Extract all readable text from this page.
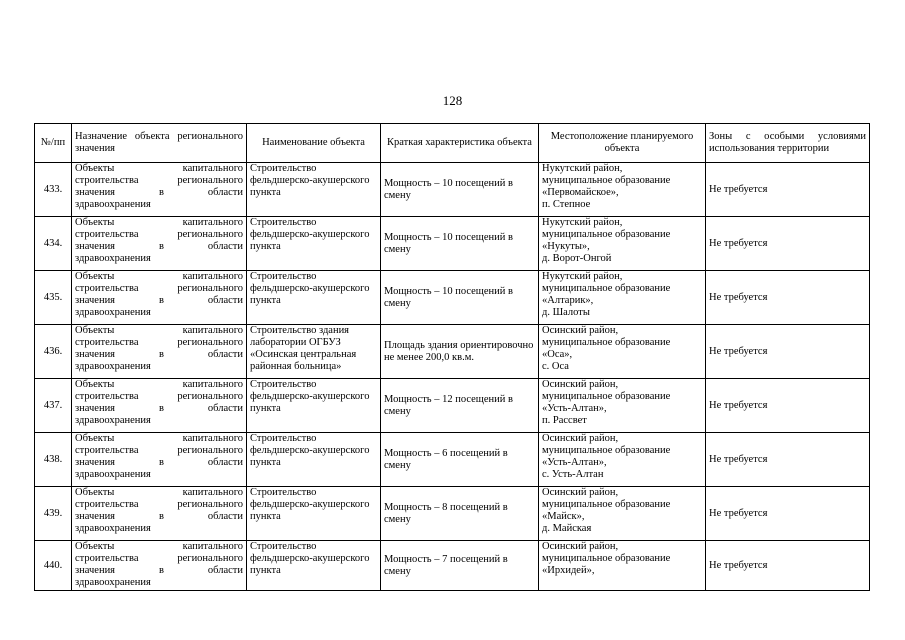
128
№/пп	Назначение объекта регионального значения	Наименование объекта	Краткая характеристика объекта	Местоположение планируемого объекта	Зоны с особыми условиями использования территории
433.	Объекты капитального
строительства регионального
значения в области
здравоохранения	Строительство фельдшерско-акушерского пункта	Мощность – 10 посещений в смену	Нукутский район,
муниципальное образование
«Первомайское»,
п. Степное	Не требуется
434.	Объекты капитального
строительства регионального
значения в области
здравоохранения	Строительство фельдшерско-акушерского пункта	Мощность – 10 посещений в смену	Нукутский район,
муниципальное образование
«Нукуты»,
д. Ворот-Онгой	Не требуется
435.	Объекты капитального
строительства регионального
значения в области
здравоохранения	Строительство фельдшерско-акушерского пункта	Мощность – 10 посещений в смену	Нукутский район,
муниципальное образование
«Алтарик»,
д. Шалоты	Не требуется
436.	Объекты капитального
строительства регионального
значения в области
здравоохранения	Строительство здания лаборатории ОГБУЗ «Осинская центральная районная больница»	Площадь здания ориентировочно не менее 200,0 кв.м.	Осинский район,
муниципальное образование
«Оса»,
с. Оса	Не требуется
437.	Объекты капитального
строительства регионального
значения в области
здравоохранения	Строительство фельдшерско-акушерского пункта	Мощность – 12 посещений в смену	Осинский район,
муниципальное образование
«Усть-Алтан»,
п. Рассвет	Не требуется
438.	Объекты капитального
строительства регионального
значения в области
здравоохранения	Строительство фельдшерско-акушерского пункта	Мощность – 6 посещений в смену	Осинский район,
муниципальное образование
«Усть-Алтан»,
с. Усть-Алтан	Не требуется
439.	Объекты капитального
строительства регионального
значения в области
здравоохранения	Строительство фельдшерско-акушерского пункта	Мощность – 8 посещений в смену	Осинский район,
муниципальное образование
«Майск»,
д. Майская	Не требуется
440.	Объекты капитального
строительства регионального
значения в области
здравоохранения	Строительство фельдшерско-акушерского пункта	Мощность – 7 посещений в смену	Осинский район,
муниципальное образование
«Ирхидей»,	Не требуется
